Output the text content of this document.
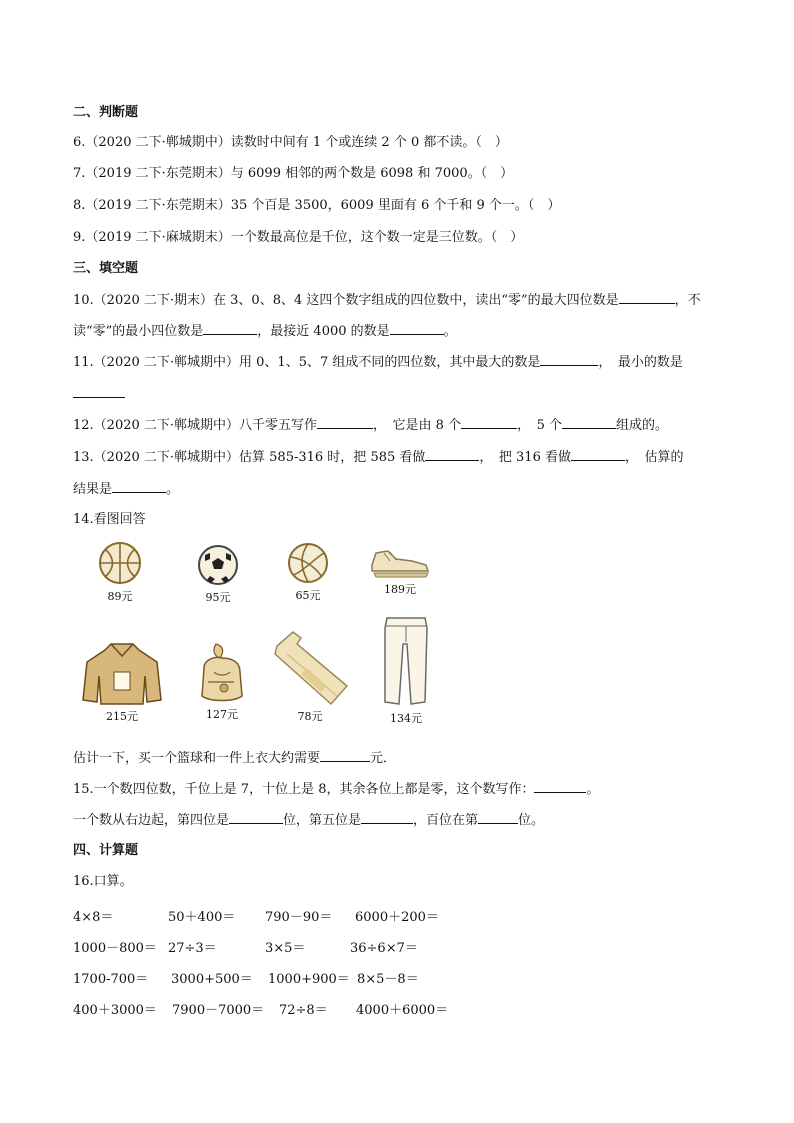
二、判断题
6.（2020 二下·郸城期中）读数时中间有 1 个或连续 2 个 0 都不读。（　）
7.（2019 二下·东莞期末）与 6099 相邻的两个数是 6098 和 7000。（　）
8.（2019 二下·东莞期末）35 个百是 3500，6009 里面有 6 个千和 9 个一。（　）
9.（2019 二下·麻城期末）一个数最高位是千位，这个数一定是三位数。（　）
三、填空题
10.（2020 二下·期末）在 3、0、8、4 这四个数字组成的四位数中，读出“零”的最大四位数是	，不
读“零”的最小四位数是	，最接近 4000 的数是	。
11.（2020 二下·郸城期中）用 0、1、5、7 组成不同的四位数，其中最大的数是	，　最小的数是
12.（2020 二下·郸城期中）八千零五写作	，　它是由 8 个	，　5 个	组成的。
13.（2020 二下·郸城期中）估算 585-316 时，把 585 看做	，　把 316 看做	，　估算的
结果是	。
14.看图回答
89元	95元	65元	189元
215元	127元	78元	134元
估计一下，买一个篮球和一件上衣大约需要	元．
15.一个数四位数，千位上是 7，十位上是 8，其余各位上都是零，这个数写作：	。
一个数从右边起，第四位是	位，第五位是	，百位在第	位。
四、计算题
16.口算。
4×8＝	50＋400＝ 790－90＝ 6000＋200＝
1000－800＝ 27÷3＝	3×5＝	36÷6×7＝
1700-700＝ 3000+500＝ 1000+900＝ 8×5－8＝
400＋3000＝ 7900－7000＝ 72÷8＝ 4000＋6000＝
